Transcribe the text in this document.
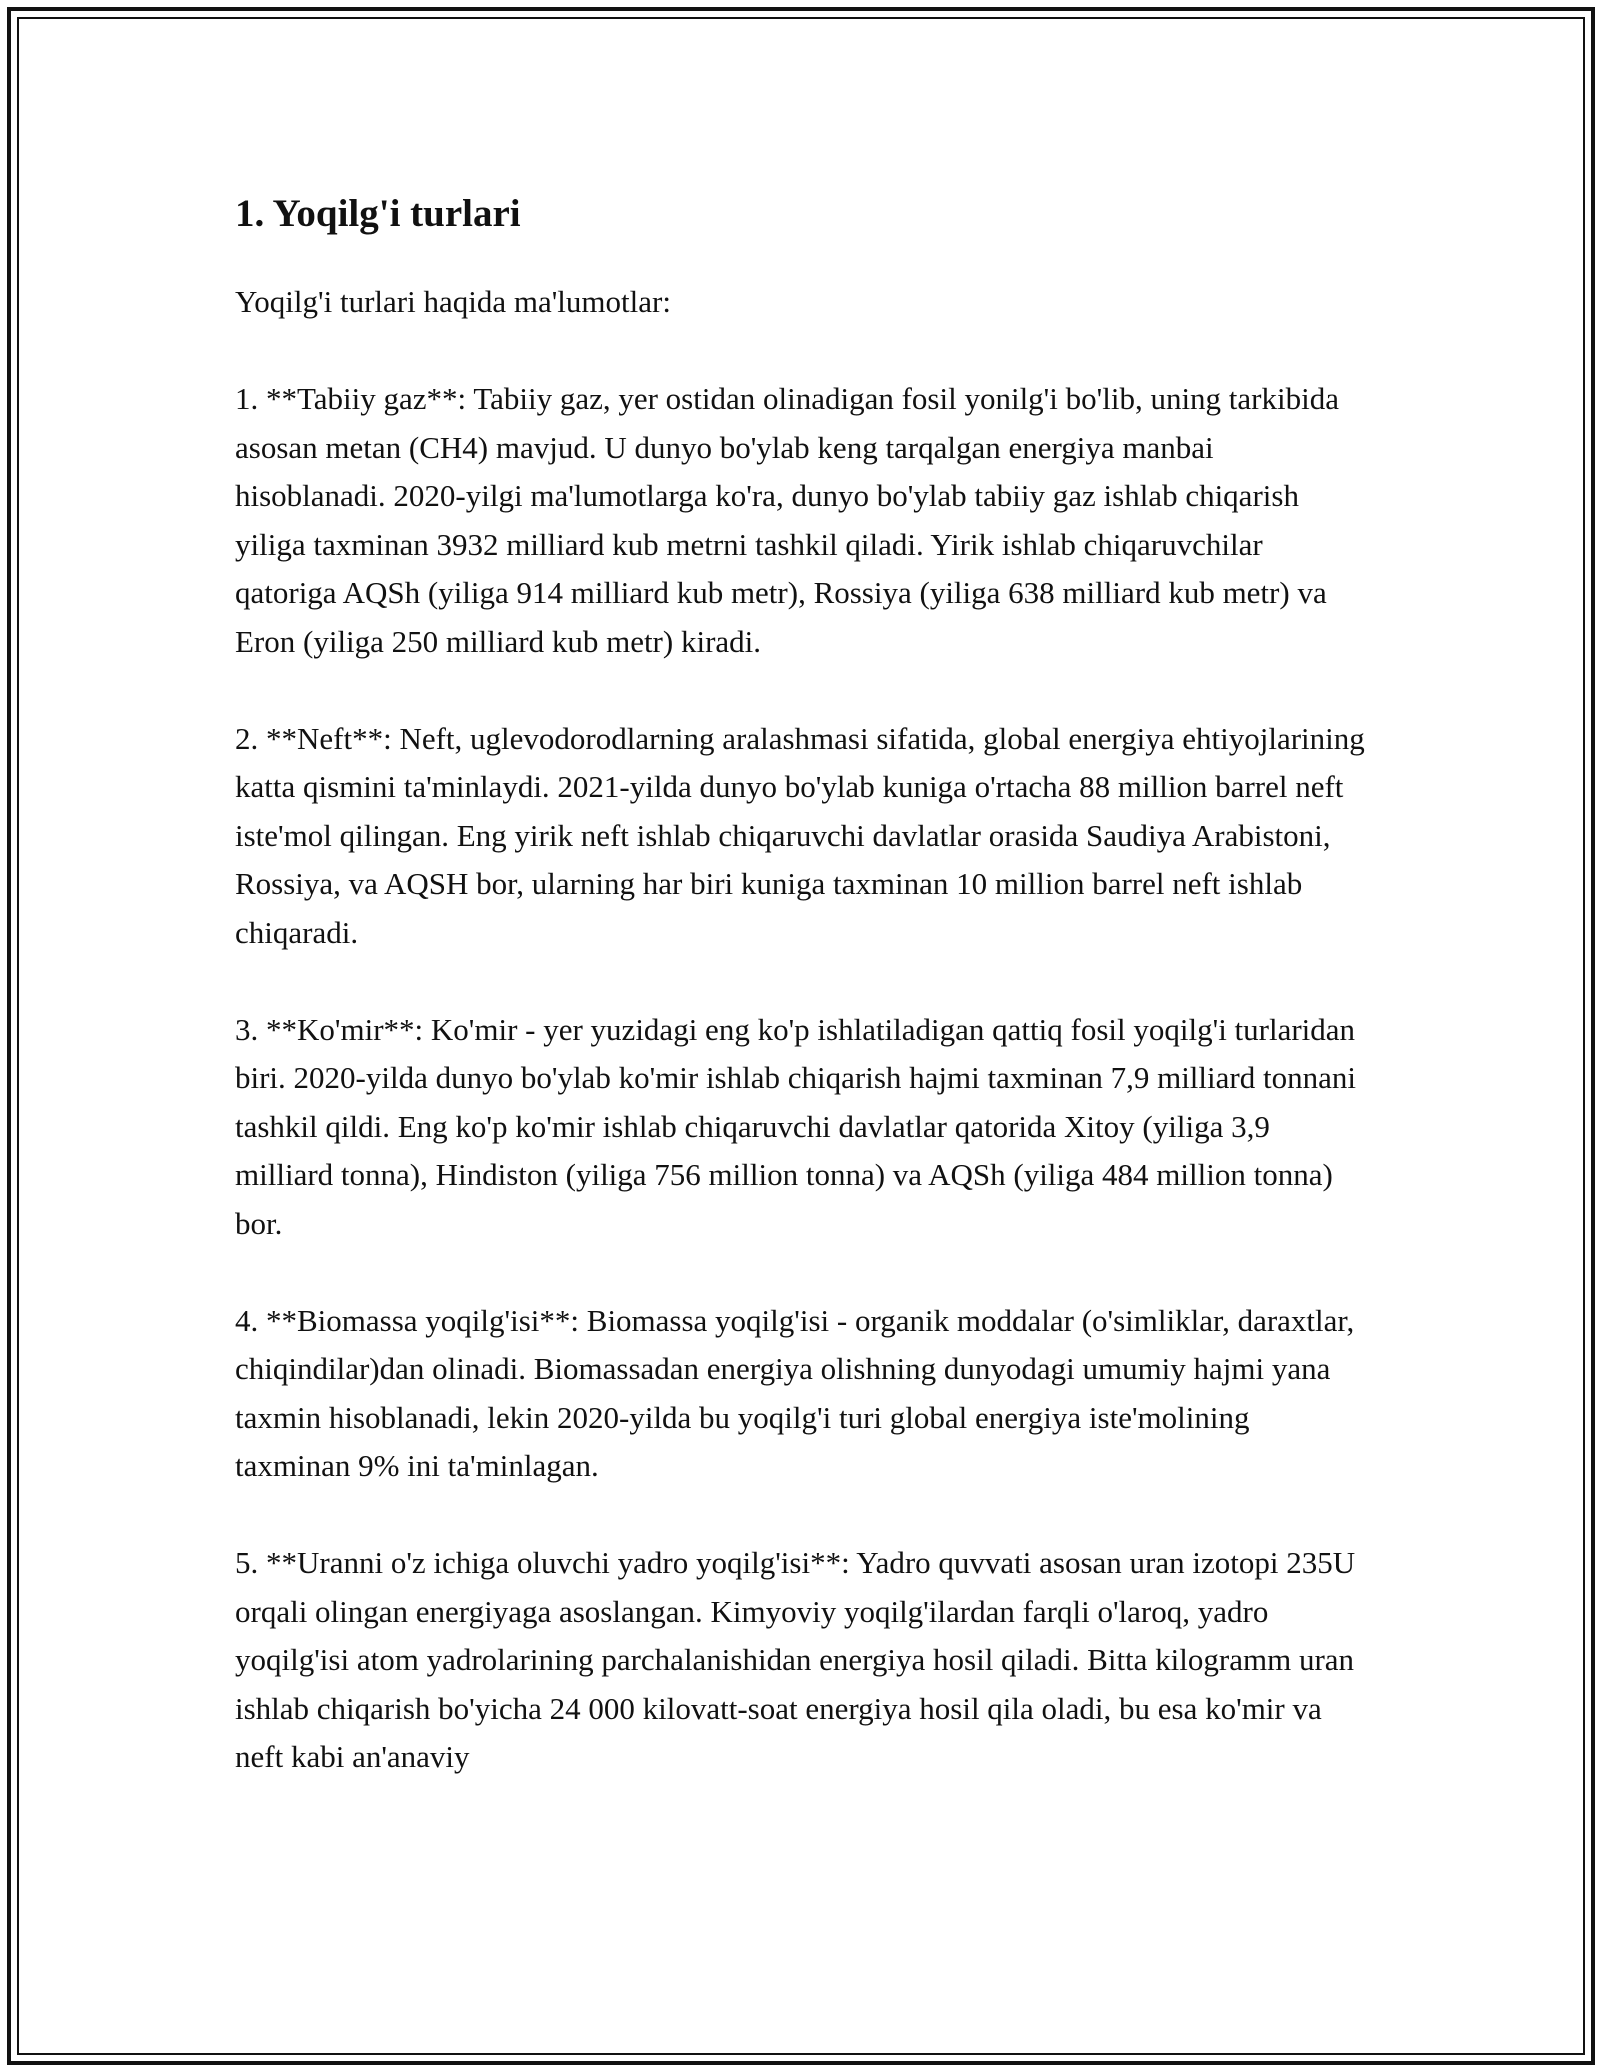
1. Yoqilg'i turlari

Yoqilg'i turlari haqida ma'lumotlar:

1. **Tabiiy gaz**: Tabiiy gaz, yer ostidan olinadigan fosil yonilg'i bo'lib, uning tarkibida asosan metan (CH4) mavjud. U dunyo bo'ylab keng tarqalgan energiya manbai hisoblanadi. 2020-yilgi ma'lumotlarga ko'ra, dunyo bo'ylab tabiiy gaz ishlab chiqarish yiliga taxminan 3932 milliard kub metrni tashkil qiladi. Yirik ishlab chiqaruvchilar qatoriga AQSh (yiliga 914 milliard kub metr), Rossiya (yiliga 638 milliard kub metr) va Eron (yiliga 250 milliard kub metr) kiradi.

2. **Neft**: Neft, uglevodorodlarning aralashmasi sifatida, global energiya ehtiyojlarining katta qismini ta'minlaydi. 2021-yilda dunyo bo'ylab kuniga o'rtacha 88 million barrel neft iste'mol qilingan. Eng yirik neft ishlab chiqaruvchi davlatlar orasida Saudiya Arabistoni, Rossiya, va AQSH bor, ularning har biri kuniga taxminan 10 million barrel neft ishlab chiqaradi.

3. **Ko'mir**: Ko'mir - yer yuzidagi eng ko'p ishlatiladigan qattiq fosil yoqilg'i turlaridan biri. 2020-yilda dunyo bo'ylab ko'mir ishlab chiqarish hajmi taxminan 7,9 milliard tonnani tashkil qildi. Eng ko'p ko'mir ishlab chiqaruvchi davlatlar qatorida Xitoy (yiliga 3,9 milliard tonna), Hindiston (yiliga 756 million tonna) va AQSh (yiliga 484 million tonna) bor.

4. **Biomassa yoqilg'isi**: Biomassa yoqilg'isi - organik moddalar (o'simliklar, daraxtlar, chiqindilar)dan olinadi. Biomassadan energiya olishning dunyodagi umumiy hajmi yana taxmin hisoblanadi, lekin 2020-yilda bu yoqilg'i turi global energiya iste'molining taxminan 9% ini ta'minlagan.

5. **Uranni o'z ichiga oluvchi yadro yoqilg'isi**: Yadro quvvati asosan uran izotopi 235U orqali olingan energiyaga asoslangan. Kimyoviy yoqilg'ilardan farqli o'laroq, yadro yoqilg'isi atom yadrolarining parchalanishidan energiya hosil qiladi. Bitta kilogramm uran ishlab chiqarish bo'yicha 24 000 kilovatt-soat energiya hosil qila oladi, bu esa ko'mir va neft kabi an'anaviy
